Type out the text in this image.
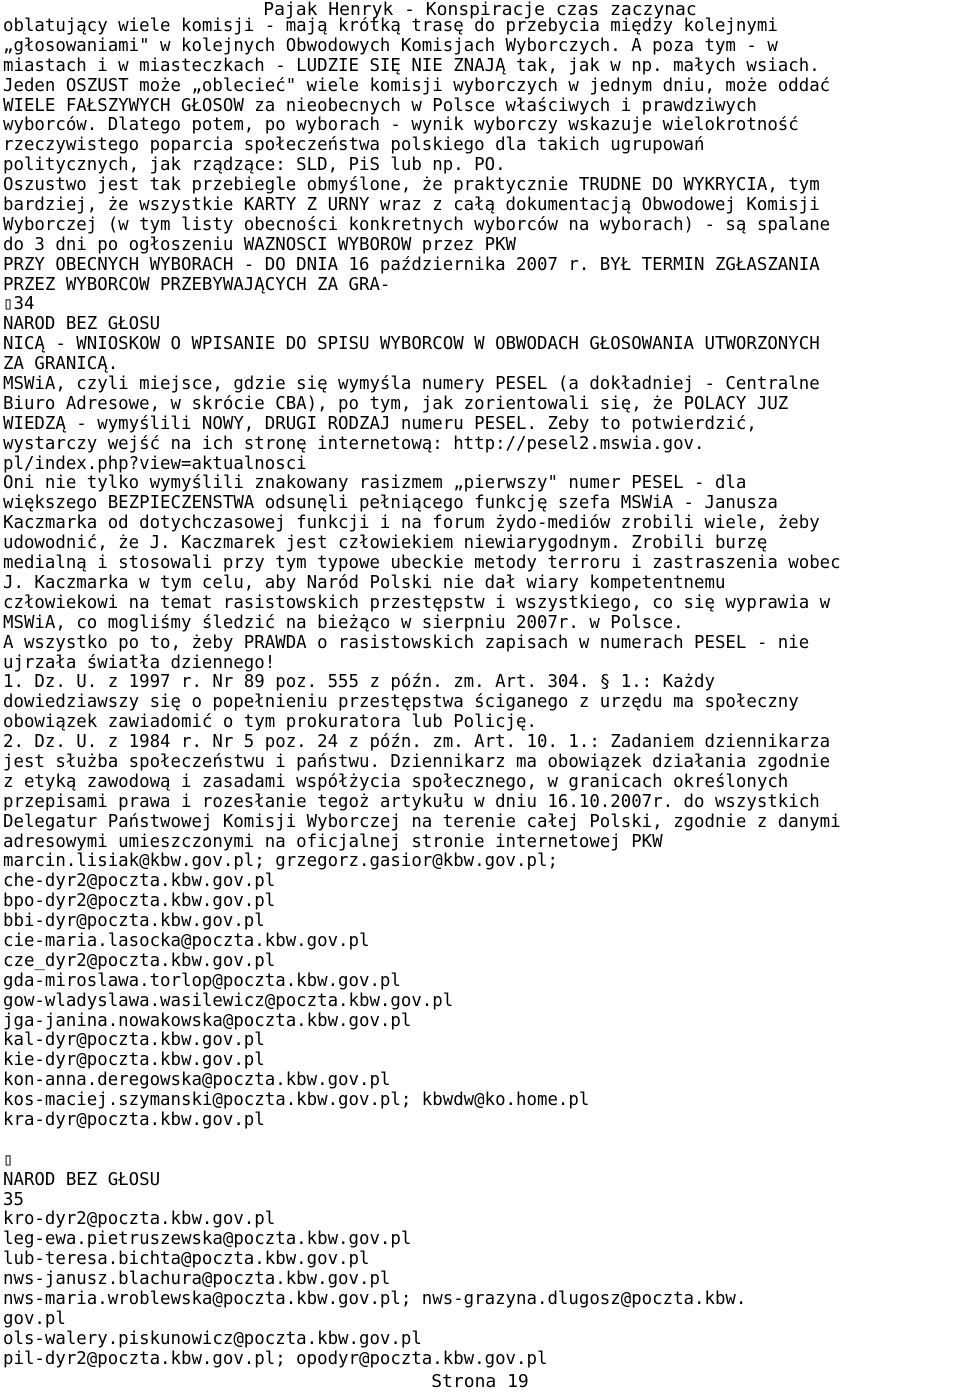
Pajak Henryk - Konspiracje czas zaczynac
oblatujący wiele komisji - mają krótką trasę do przebycia między kolejnymi
„głosowaniami" w kolejnych Obwodowych Komisjach Wyborczych. A poza tym - w
miastach i w miasteczkach - LUDZIE SIĘ NIE ZNAJĄ tak, jak w np. małych wsiach.
Jeden OSZUST może „oblecieć" wiele komisji wyborczych w jednym dniu, może oddać
WIELE FAŁSZYWYCH GŁOSÓW za nieobecnych w Polsce właściwych i prawdziwych
wyborców. Dlatego potem, po wyborach - wynik wyborczy wskazuje wielokrotność
rzeczywistego poparcia społeczeństwa polskiego dla takich ugrupowań
politycznych, jak rządzące: SLD, PiS lub np. PO.
Oszustwo jest tak przebiegle obmyślone, że praktycznie TRUDNE DO WYKRYCIA, tym
bardziej, że wszystkie KARTY Z URNY wraz z całą dokumentacją Obwodowej Komisji
Wyborczej (w tym listy obecności konkretnych wyborców na wyborach) - są spalane
do 3 dni po ogłoszeniu WAŻNOŚCI WYBORÓW przez PKW
PRZY OBECNYCH WYBORACH - DO DNIA 16 października 2007 r. BYŁ TERMIN ZGŁASZANIA
PRZEZ WYBORCÓW PRZEBYWAJĄCYCH ZA GRA-
▯34
NARÓD BEZ GŁOSU
NICĄ - WNIOSKÓW O WPISANIE DO SPISU WYBORCÓW W OBWODACH GŁOSOWANIA UTWORZONYCH
ZA GRANICĄ.
MSWiA, czyli miejsce, gdzie się wymyśla numery PESEL (a dokładniej - Centralne
Biuro Adresowe, w skrócie CBA), po tym, jak zorientowali się, że POLACY JUŻ
WIEDZĄ - wymyślili NOWY, DRUGI RODZAJ numeru PESEL. Żeby to potwierdzić,
wystarczy wejść na ich stronę internetową: http://pesel2.mswia.gov.
pl/index.php?view=aktualnosci
Oni nie tylko wymyślili znakowany rasizmem „pierwszy" numer PESEL - dla
większego BEZPIECZEŃSTWA odsunęli pełniącego funkcję szefa MSWiA - Janusza
Kaczmarka od dotychczasowej funkcji i na forum żydo-mediów zrobili wiele, żeby
udowodnić, że J. Kaczmarek jest człowiekiem niewiarygodnym. Zrobili burzę
medialną i stosowali przy tym typowe ubeckie metody terroru i zastraszenia wobec
J. Kaczmarka w tym celu, aby Naród Polski nie dał wiary kompetentnemu
człowiekowi na temat rasistowskich przestępstw i wszystkiego, co się wyprawia w
MSWiA, co mogliśmy śledzić na bieżąco w sierpniu 2007r. w Polsce.
A wszystko po to, żeby PRAWDA o rasistowskich zapisach w numerach PESEL - nie
ujrzała światła dziennego!
1. Dz. U. z 1997 r. Nr 89 poz. 555 z późn. zm. Art. 304. § 1.: Każdy
dowiedziawszy się o popełnieniu przestępstwa ściganego z urzędu ma społeczny
obowiązek zawiadomić o tym prokuratora lub Policję.
2. Dz. U. z 1984 r. Nr 5 poz. 24 z późn. zm. Art. 10. 1.: Zadaniem dziennikarza
jest służba społeczeństwu i państwu. Dziennikarz ma obowiązek działania zgodnie
z etyką zawodową i zasadami współżycia społecznego, w granicach określonych
przepisami prawa i rozesłanie tegoż artykułu w dniu 16.10.2007r. do wszystkich
Delegatur Państwowej Komisji Wyborczej na terenie całej Polski, zgodnie z danymi
adresowymi umieszczonymi na oficjalnej stronie internetowej PKW
marcin.lisiak@kbw.gov.pl; grzegorz.gasior@kbw.gov.pl;
che-dyr2@poczta.kbw.gov.pl
bpo-dyr2@poczta.kbw.gov.pl
bbi-dyr@poczta.kbw.gov.pl
cie-maria.lasocka@poczta.kbw.gov.pl
cze_dyr2@poczta.kbw.gov.pl
gda-miroslawa.torlop@poczta.kbw.gov.pl
gow-wladyslawa.wasilewicz@poczta.kbw.gov.pl
jga-janina.nowakowska@poczta.kbw.gov.pl
kal-dyr@poczta.kbw.gov.pl
kie-dyr@poczta.kbw.gov.pl
kon-anna.deregowska@poczta.kbw.gov.pl
kos-maciej.szymanski@poczta.kbw.gov.pl; kbwdw@ko.home.pl
kra-dyr@poczta.kbw.gov.pl
▯
NARÓD BEZ GŁOSU
35
kro-dyr2@poczta.kbw.gov.pl
leg-ewa.pietruszewska@poczta.kbw.gov.pl
lub-teresa.bichta@poczta.kbw.gov.pl
nws-janusz.blachura@poczta.kbw.gov.pl
nws-maria.wroblewska@poczta.kbw.gov.pl; nws-grazyna.dlugosz@poczta.kbw.
gov.pl
ols-walery.piskunowicz@poczta.kbw.gov.pl
pil-dyr2@poczta.kbw.gov.pl; opodyr@poczta.kbw.gov.pl
Strona 19
